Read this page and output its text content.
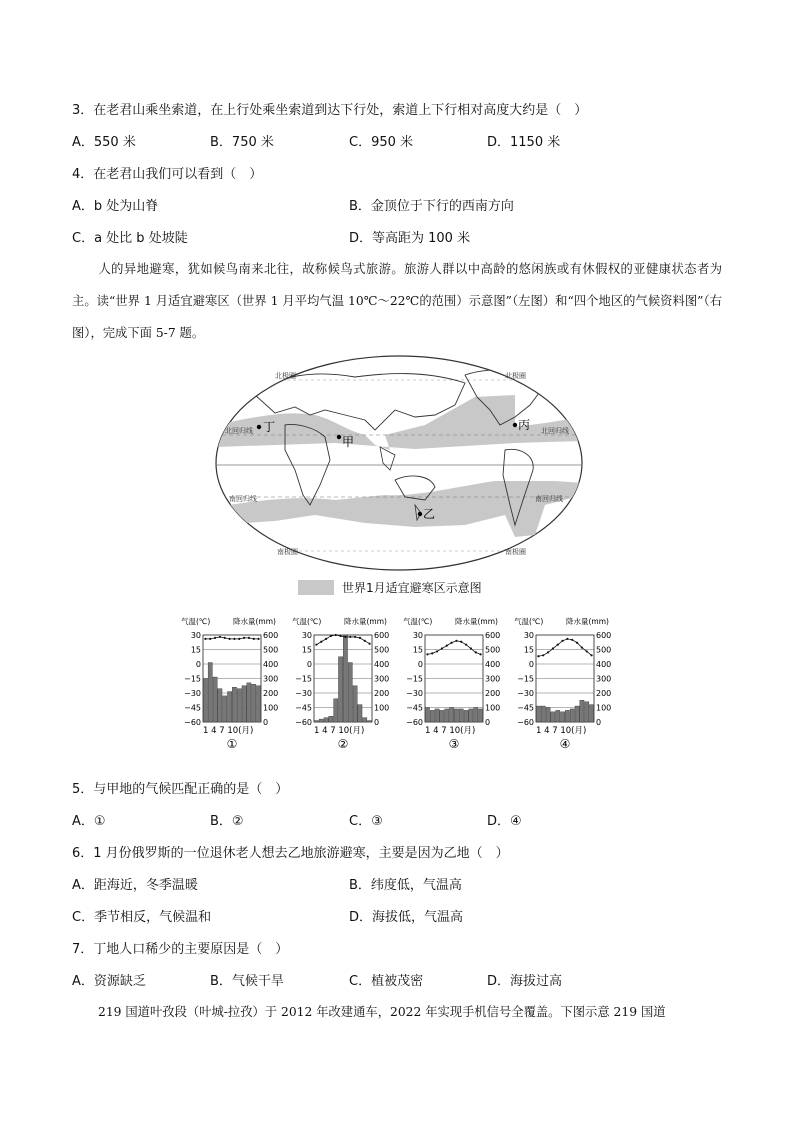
3．在老君山乘坐索道，在上行处乘坐索道到达下行处，索道上下行相对高度大约是（　）
A．550 米	B．750 米	C．950 米	D．1150 米
4．在老君山我们可以看到（　）
A．b 处为山脊	B．金顶位于下行的西南方向
C．a 处比 b 处坡陡	D．等高距为 100 米
人的异地避寒，犹如候鸟南来北往，故称候鸟式旅游。旅游人群以中高龄的悠闲族或有休假权的亚健康状态者为主。读“世界 1 月适宜避寒区（世界 1 月平均气温 10℃～22℃的范围）示意图”（左图）和“四个地区的气候资料图”（右图），完成下面 5-7 题。
丁
甲
丙
乙
北回归线	北回归线
南回归线	南回归线
北极圈	北极圈
南极圈	南极圈
世界1月适宜避寒区示意图
气温(℃)	降水量(mm)
30	600
15	500
0	400
−15	300
−30	200
−45	100
−60	0
1 4 7 10(月)
①
气温(℃)	降水量(mm)
30	600
15	500
0	400
−15	300
−30	200
−45	100
−60	0
1 4 7 10(月)
②
气温(℃)	降水量(mm)
30	600
15	500
0	400
−15	300
−30	200
−45	100
−60	0
1 4 7 10(月)
③
气温(℃)	降水量(mm)
30	600
15	500
0	400
−15	300
−30	200
−45	100
−60	0
1 4 7 10(月)
④
5．与甲地的气候匹配正确的是（　）
A．①	B．②	C．③	D．④
6．1 月份俄罗斯的一位退休老人想去乙地旅游避寒，主要是因为乙地（　）
A．距海近，冬季温暖	B．纬度低，气温高
C．季节相反，气候温和	D．海拔低，气温高
7．丁地人口稀少的主要原因是（　）
A．资源缺乏	B．气候干旱	C．植被茂密	D．海拔过高
219 国道叶孜段（叶城-拉孜）于 2012 年改建通车，2022 年实现手机信号全覆盖。下图示意 219 国道
